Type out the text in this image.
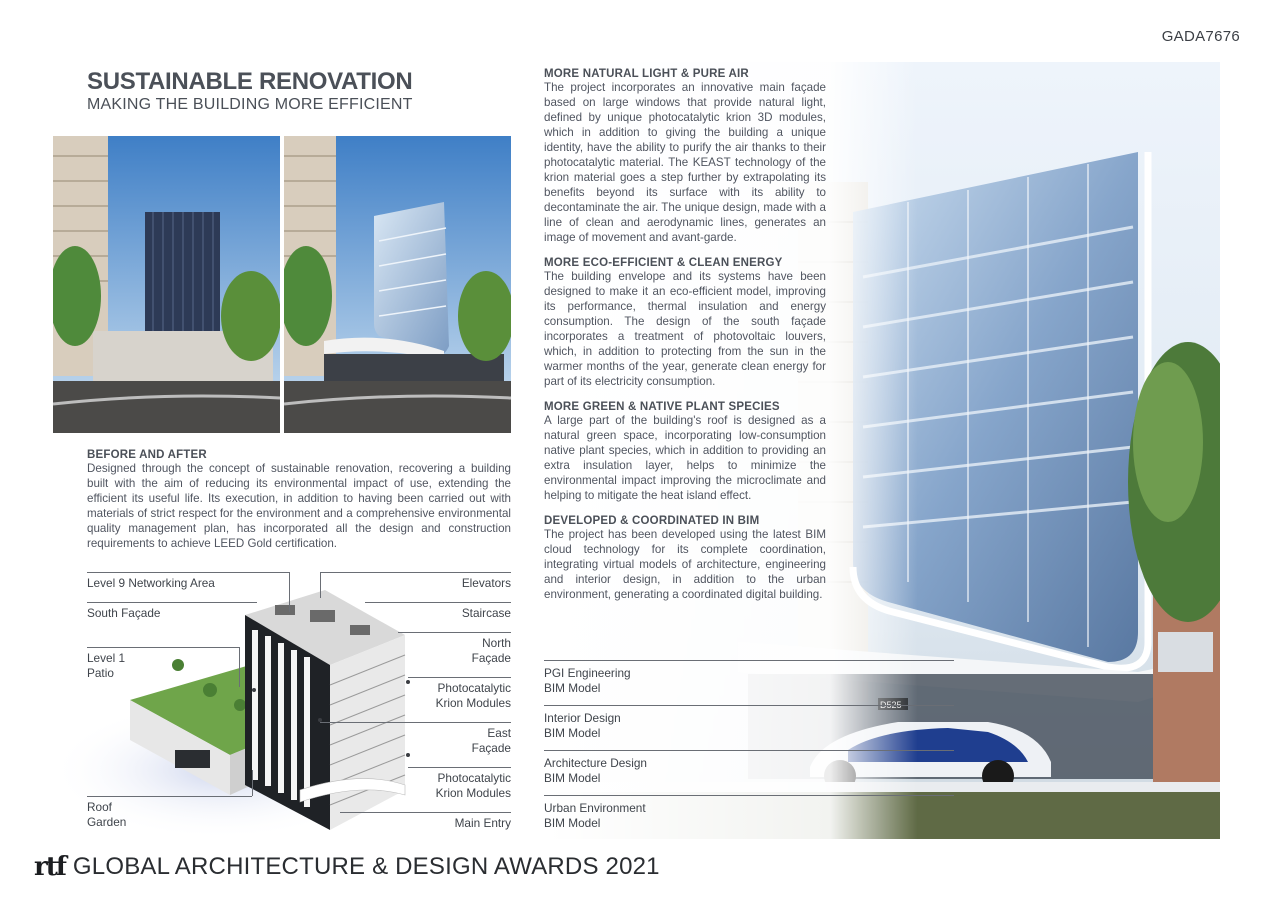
GADA7676
SUSTAINABLE RENOVATION
MAKING THE BUILDING MORE EFFICIENT
BEFORE AND AFTER
Designed through the concept of sustainable renovation, recovering a building built with the aim of reducing its environmental impact of use, extending the efficient its useful life. Its execution, in addition to having been carried out with materials of strict respect for the environment and a comprehensive environmental quality management plan, has incorporated all the design and construction requirements to achieve LEED Gold certification.
MORE NATURAL LIGHT & PURE AIR
The project incorporates an innovative main façade based on large windows that provide natural light, defined by unique photocatalytic krion 3D modules, which in addition to giving the building a unique identity, have the ability to purify the air thanks to their photocatalytic material. The KEAST technology of the krion material goes a step further by extrapolating its benefits beyond its surface with its ability to decontaminate the air. The unique design, made with a line of clean and aerodynamic lines, generates an image of movement and avant-garde.
MORE ECO-EFFICIENT & CLEAN ENERGY
The building envelope and its systems have been designed to make it an eco-efficient model, improving its performance, thermal insulation and energy consumption. The design of the south façade incorporates a treatment of photovoltaic louvers, which, in addition to protecting from the sun in the warmer months of the year, generate clean energy for part of its electricity consumption.
MORE GREEN & NATIVE PLANT SPECIES
A large part of the building's roof is designed as a natural green space, incorporating low-consumption native plant species, which in addition to providing an extra insulation layer, helps to minimize the environmental impact improving the microclimate and helping to mitigate the heat island effect.
DEVELOPED & COORDINATED IN BIM
The project has been developed using the latest BIM cloud technology for its complete coordination, integrating virtual models of architecture, engineering and interior design, in addition to the urban environment, generating a coordinated digital building.
PGI Engineering
BIM Model
Interior Design
BIM Model
Architecture Design
BIM Model
Urban Environment
BIM Model
Level 9 Networking Area
South Façade
Level 1
Patio
Roof
Garden
Elevators
Staircase
North
Façade
Photocatalytic
Krion Modules
East
Façade
Photocatalytic
Krion Modules
Main Entry
rtf GLOBAL ARCHITECTURE & DESIGN AWARDS 2021
